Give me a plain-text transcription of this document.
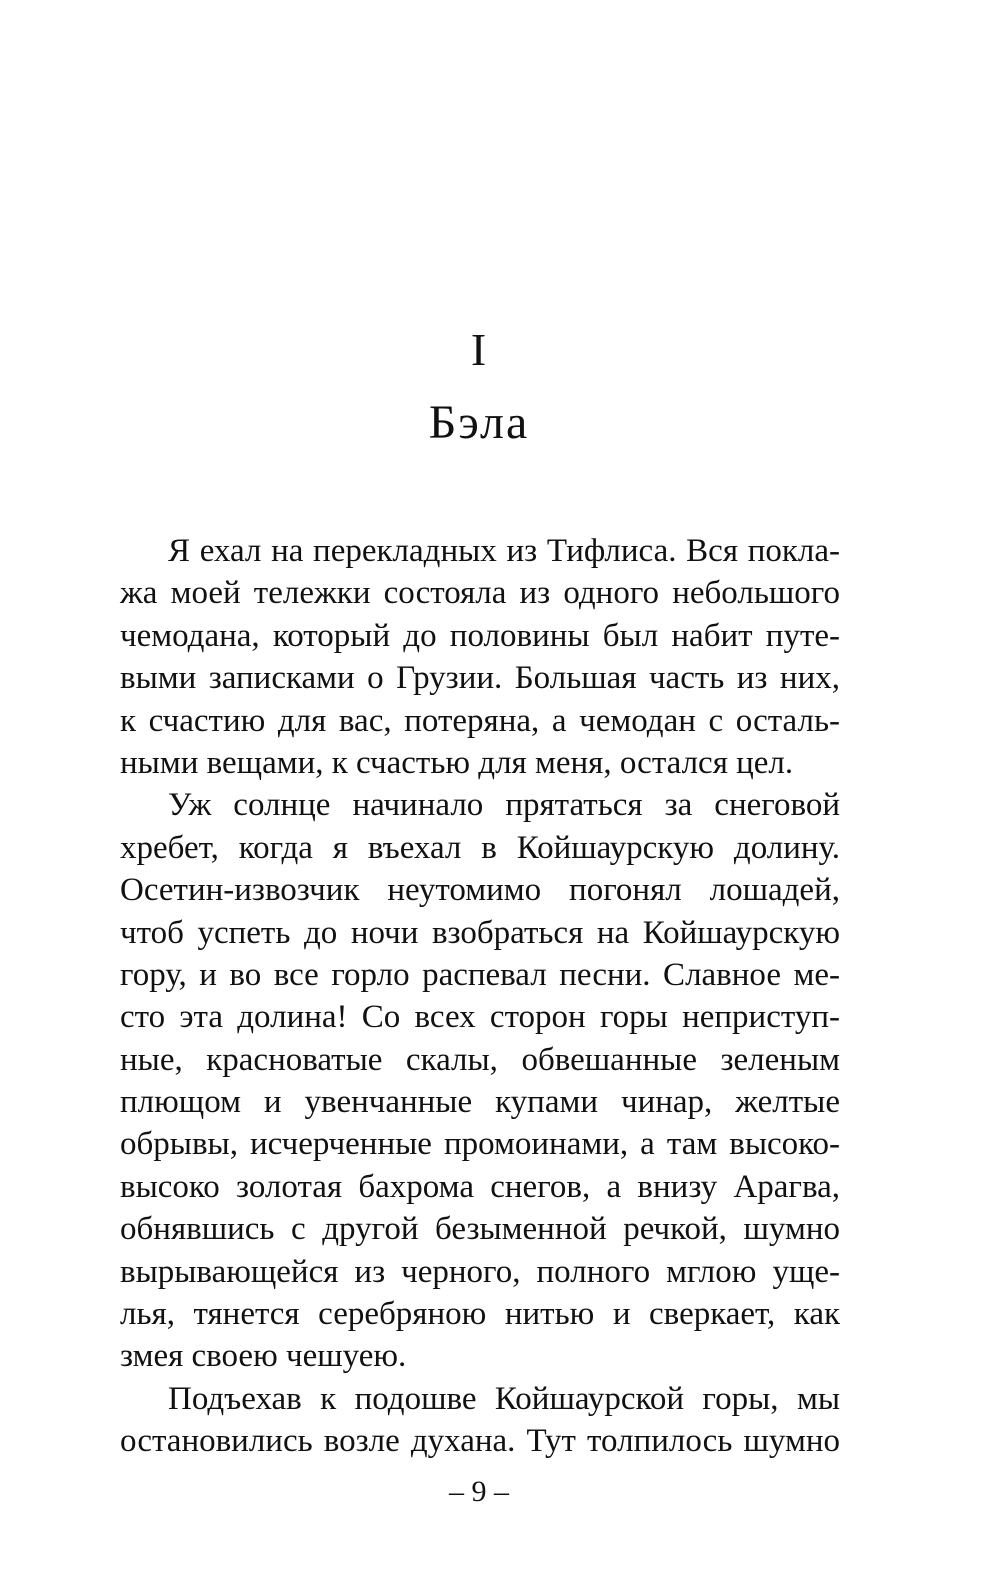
I
Бэла
Я ехал на перекладных из Тифлиса. Вся покла-
жа моей тележки состояла из одного небольшого
чемодана, который до половины был набит путе-
выми записками о Грузии. Большая часть из них,
к счастию для вас, потеряна, а чемодан с осталь-
ными вещами, к счастью для меня, остался цел.
Уж солнце начинало прятаться за снеговой
хребет, когда я въехал в Койшаурскую долину.
Осетин-извозчик неутомимо погонял лошадей,
чтоб успеть до ночи взобраться на Койшаурскую
гору, и во все горло распевал песни. Славное ме-
сто эта долина! Со всех сторон горы неприступ-
ные, красноватые скалы, обвешанные зеленым
плющом и увенчанные купами чинар, желтые
обрывы, исчерченные промоинами, а там высоко-
высоко золотая бахрома снегов, а внизу Арагва,
обнявшись с другой безыменной речкой, шумно
вырывающейся из черного, полного мглою уще-
лья, тянется серебряною нитью и сверкает, как
змея своею чешуею.
Подъехав к подошве Койшаурской горы, мы
остановились возле духана. Тут толпилось шумно
– 9 –
